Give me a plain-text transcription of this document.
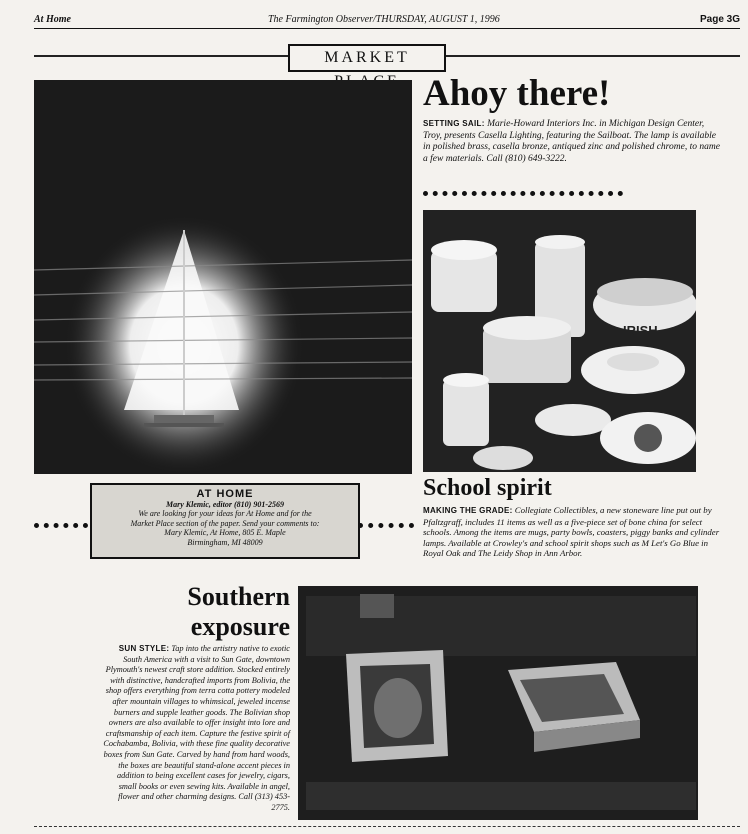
At Home	The Farmington Observer/THURSDAY, AUGUST 1, 1996	Page 3G
MARKET
Ahoy there!
SETTING SAIL: Marie-Howard Interiors Inc. in Michigan Design Center, Troy, presents Casella Lighting, featuring the Sailboat. The lamp is available in polished brass, casella bronze, antiqued zinc and polished chrome, to name a few materials. Call (810) 649-3222.
IRISH
School spirit
MAKING THE GRADE: Collegiate Collectibles, a new stoneware line put out by Pfaltzgraff, includes 11 items as well as a five-piece set of bone china for select schools. Among the items are mugs, party bowls, coasters, piggy banks and cylinder lamps. Available at Crowley's and school spirit shops such as M Let's Go Blue in Royal Oak and The Leidy Shop in Ann Arbor.
AT HOME
Mary Klemic, editor (810) 901-2569
We are looking for your ideas for At Home and for the
Market Place section of the paper. Send your comments to:
Mary Klemic, At Home, 805 E. Maple
Birmingham, MI 48009
Southern
exposure
SUN STYLE: Tap into the artistry native to exotic South America with a visit to Sun Gate, downtown Plymouth's newest craft store addition. Stocked entirely with distinctive, handcrafted imports from Bolivia, the shop offers everything from terra cotta pottery modeled after mountain villages to whimsical, jeweled incense burners and supple leather goods. The Bolivian shop owners are also available to offer insight into lore and craftsmanship of each item. Capture the festive spirit of Cochabamba, Bolivia, with these fine quality decorative boxes from Sun Gate. Carved by hand from hard woods, the boxes are beautiful stand-alone accent pieces in addition to being excellent cases for jewelry, cigars, small books or even sewing kits. Available in angel, flower and other charming designs. Call (313) 453-2775.
